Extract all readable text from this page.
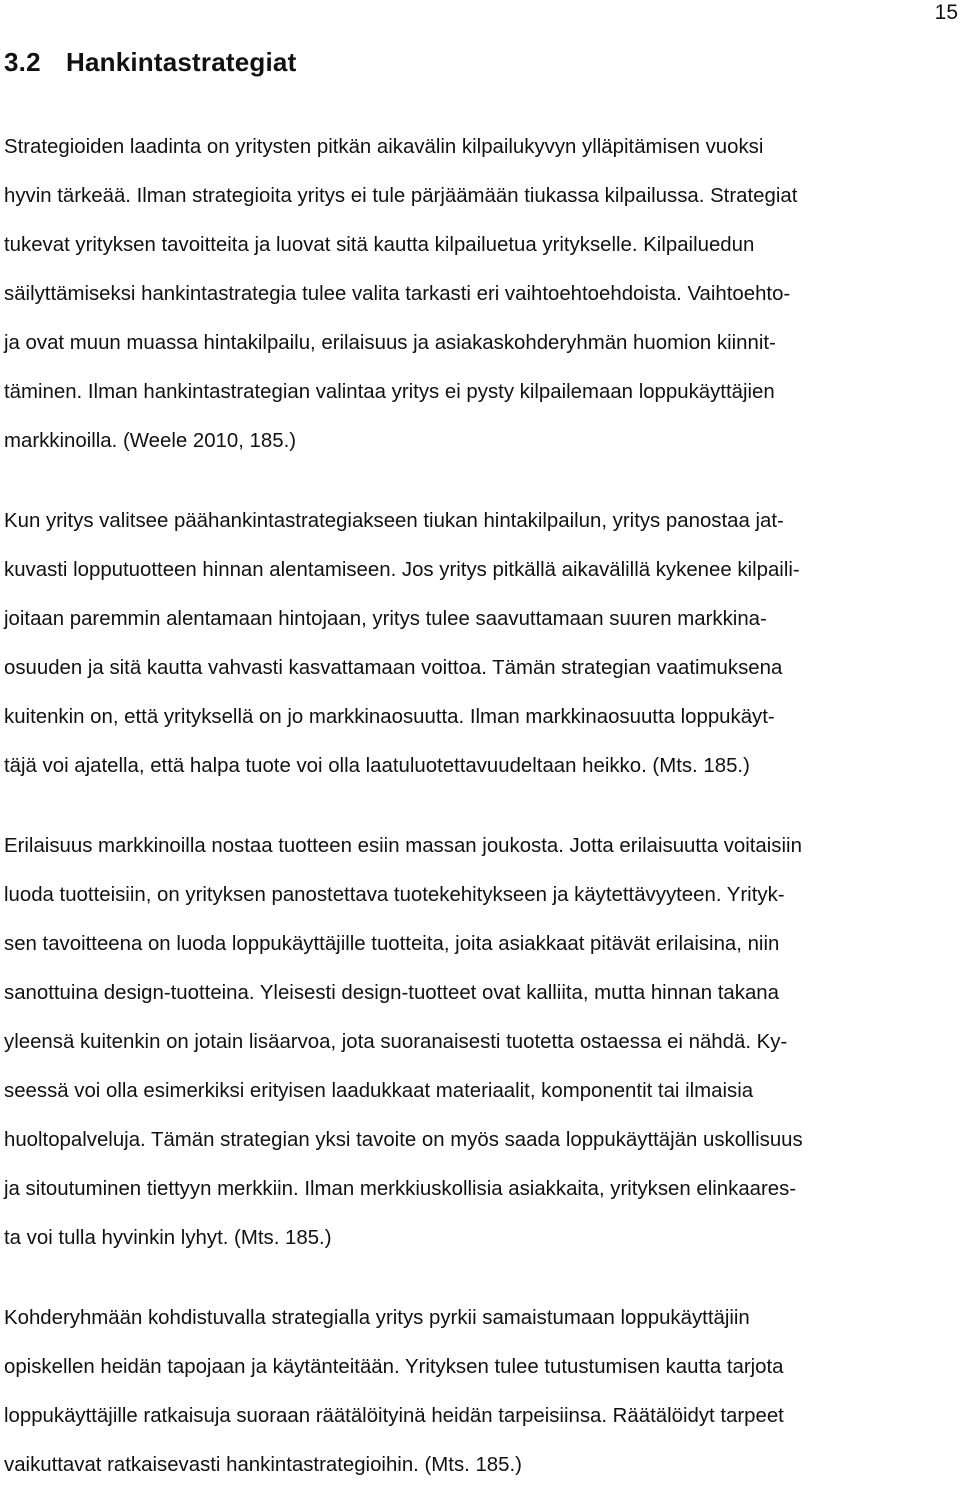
15
3.2 Hankintastrategiat

Strategioiden laadinta on yritysten pitkän aikavälin kilpailukyvyn ylläpitämisen vuoksi
hyvin tärkeää. Ilman strategioita yritys ei tule pärjäämään tiukassa kilpailussa. Strategiat
tukevat yrityksen tavoitteita ja luovat sitä kautta kilpailuetua yritykselle. Kilpailuedun
säilyttämiseksi hankintastrategia tulee valita tarkasti eri vaihtoehtoehdoista. Vaihtoehto-
ja ovat muun muassa hintakilpailu, erilaisuus ja asiakaskohderyhmän huomion kiinnit-
täminen. Ilman hankintastrategian valintaa yritys ei pysty kilpailemaan loppukäyttäjien
markkinoilla. (Weele 2010, 185.)

Kun yritys valitsee päähankintastrategiakseen tiukan hintakilpailun, yritys panostaa jat-
kuvasti lopputuotteen hinnan alentamiseen. Jos yritys pitkällä aikavälillä kykenee kilpaili-
joitaan paremmin alentamaan hintojaan, yritys tulee saavuttamaan suuren markkina-
osuuden ja sitä kautta vahvasti kasvattamaan voittoa. Tämän strategian vaatimuksena
kuitenkin on, että yrityksellä on jo markkinaosuutta. Ilman markkinaosuutta loppukäyt-
täjä voi ajatella, että halpa tuote voi olla laatuluotettavuudeltaan heikko. (Mts. 185.)

Erilaisuus markkinoilla nostaa tuotteen esiin massan joukosta. Jotta erilaisuutta voitaisiin
luoda tuotteisiin, on yrityksen panostettava tuotekehitykseen ja käytettävyyteen. Yrityk-
sen tavoitteena on luoda loppukäyttäjille tuotteita, joita asiakkaat pitävät erilaisina, niin
sanottuina design-tuotteina. Yleisesti design-tuotteet ovat kalliita, mutta hinnan takana
yleensä kuitenkin on jotain lisäarvoa, jota suoranaisesti tuotetta ostaessa ei nähdä. Ky-
seessä voi olla esimerkiksi erityisen laadukkaat materiaalit, komponentit tai ilmaisia
huoltopalveluja. Tämän strategian yksi tavoite on myös saada loppukäyttäjän uskollisuus
ja sitoutuminen tiettyyn merkkiin. Ilman merkkiuskollisia asiakkaita, yrityksen elinkaares-
ta voi tulla hyvinkin lyhyt. (Mts. 185.)

Kohderyhmään kohdistuvalla strategialla yritys pyrkii samaistumaan loppukäyttäjiin
opiskellen heidän tapojaan ja käytänteitään. Yrityksen tulee tutustumisen kautta tarjota
loppukäyttäjille ratkaisuja suoraan räätälöityinä heidän tarpeisiinsa. Räätälöidyt tarpeet
vaikuttavat ratkaisevasti hankintastrategioihin. (Mts. 185.)
